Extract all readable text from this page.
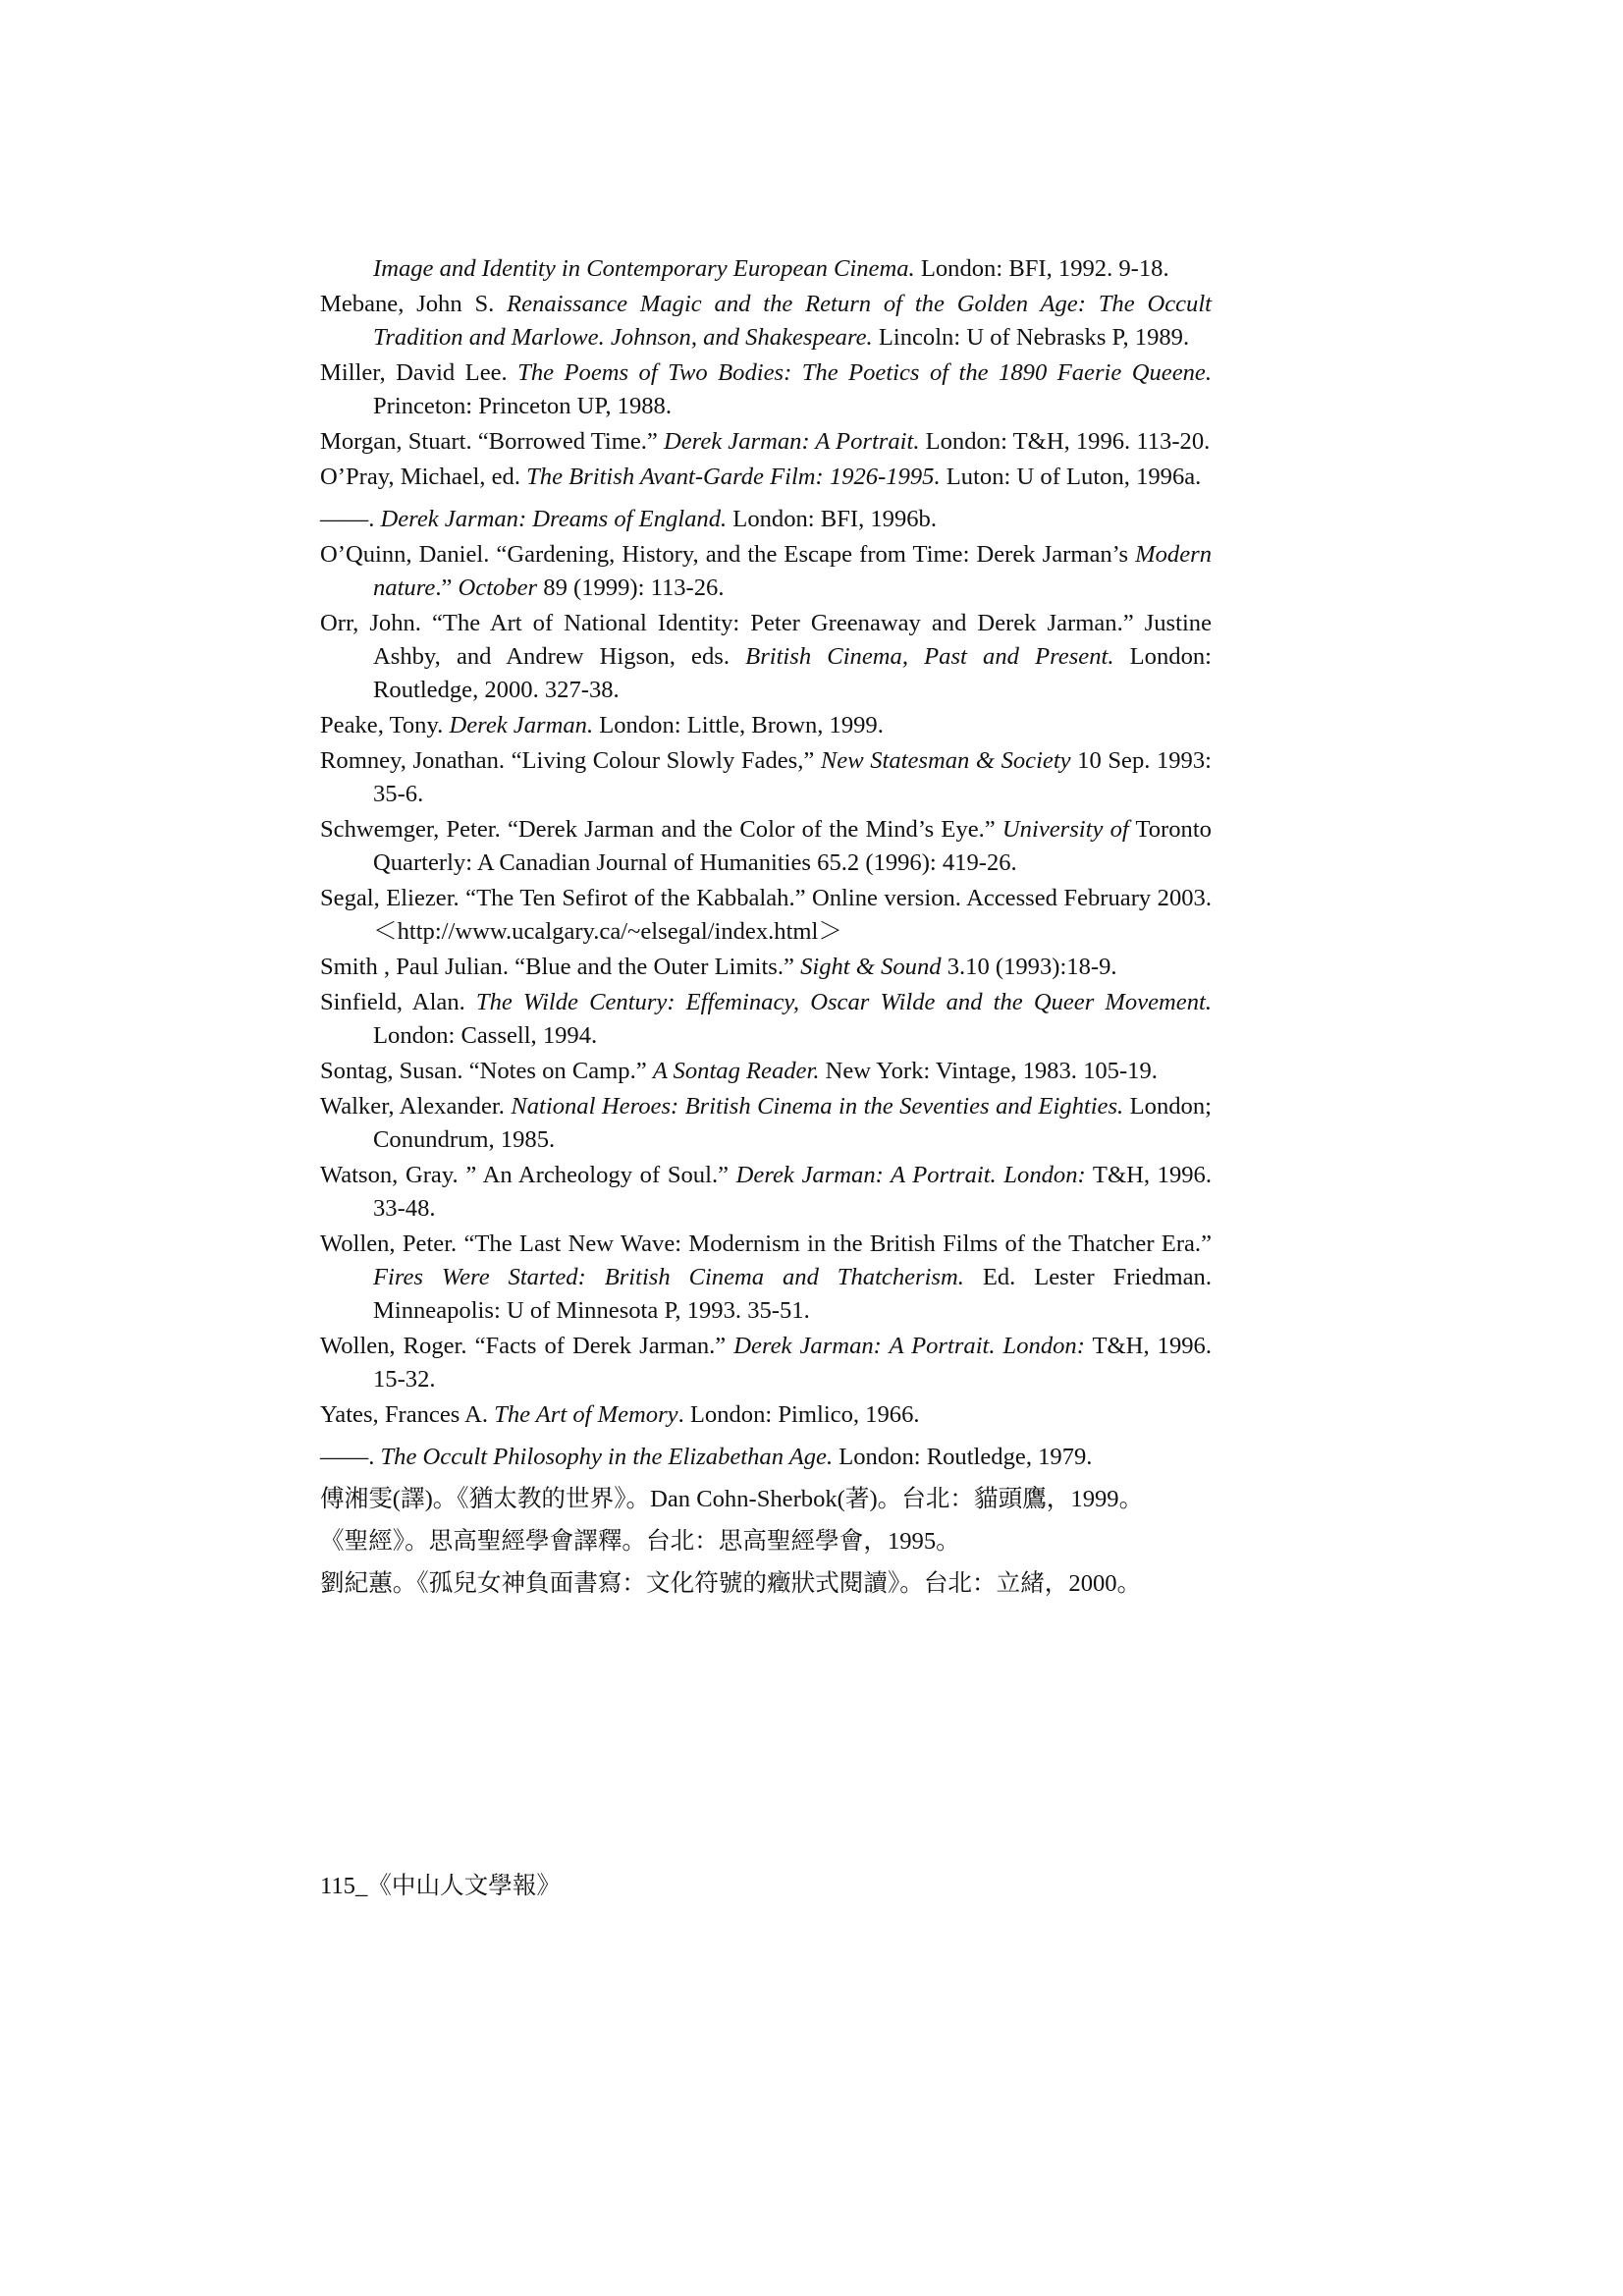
Image and Identity in Contemporary European Cinema. London: BFI, 1992. 9-18.
Mebane, John S. Renaissance Magic and the Return of the Golden Age: The Occult Tradition and Marlowe. Johnson, and Shakespeare. Lincoln: U of Nebrasks P, 1989.
Miller, David Lee. The Poems of Two Bodies: The Poetics of the 1890 Faerie Queene. Princeton: Princeton UP, 1988.
Morgan, Stuart. “Borrowed Time.” Derek Jarman: A Portrait. London: T&H, 1996. 113-20.
O’Pray, Michael, ed. The British Avant-Garde Film: 1926-1995. Luton: U of Luton, 1996a.
——. Derek Jarman: Dreams of England. London: BFI, 1996b.
O’Quinn, Daniel. “Gardening, History, and the Escape from Time: Derek Jarman’s Modern nature.” October 89 (1999): 113-26.
Orr, John. “The Art of National Identity: Peter Greenaway and Derek Jarman.” Justine Ashby, and Andrew Higson, eds. British Cinema, Past and Present. London: Routledge, 2000. 327-38.
Peake, Tony. Derek Jarman. London: Little, Brown, 1999.
Romney, Jonathan. “Living Colour Slowly Fades,” New Statesman & Society 10 Sep. 1993: 35-6.
Schwemger, Peter. “Derek Jarman and the Color of the Mind’s Eye.” University of Toronto Quarterly: A Canadian Journal of Humanities 65.2 (1996): 419-26.
Segal, Eliezer. “The Ten Sefirot of the Kabbalah.” Online version. Accessed February 2003. ＜http://www.ucalgary.ca/~elsegal/index.html＞
Smith , Paul Julian. “Blue and the Outer Limits.” Sight & Sound 3.10 (1993):18-9.
Sinfield, Alan. The Wilde Century: Effeminacy, Oscar Wilde and the Queer Movement. London: Cassell, 1994.
Sontag, Susan. “Notes on Camp.” A Sontag Reader. New York: Vintage, 1983. 105-19.
Walker, Alexander. National Heroes: British Cinema in the Seventies and Eighties. London; Conundrum, 1985.
Watson, Gray. ” An Archeology of Soul.” Derek Jarman: A Portrait. London: T&H, 1996. 33-48.
Wollen, Peter. “The Last New Wave: Modernism in the British Films of the Thatcher Era.” Fires Were Started: British Cinema and Thatcherism. Ed. Lester Friedman. Minneapolis: U of Minnesota P, 1993. 35-51.
Wollen, Roger. “Facts of Derek Jarman.” Derek Jarman: A Portrait. London: T&H, 1996. 15-32.
Yates, Frances A. The Art of Memory. London: Pimlico, 1966.
——. The Occult Philosophy in the Elizabethan Age. London: Routledge, 1979.
傅湘雯(譯)。《猶太教的世界》。Dan Cohn-Sherbok(著)。台北：貓頭鷹，1999。
《聖經》。思高聖經學會譯釋。台北：思高聖經學會，1995。
劉紀蕙。《孤兒女神負面書寫：文化符號的癥狀式閱讀》。台北：立緒，2000。
115_《中山人文學報》
